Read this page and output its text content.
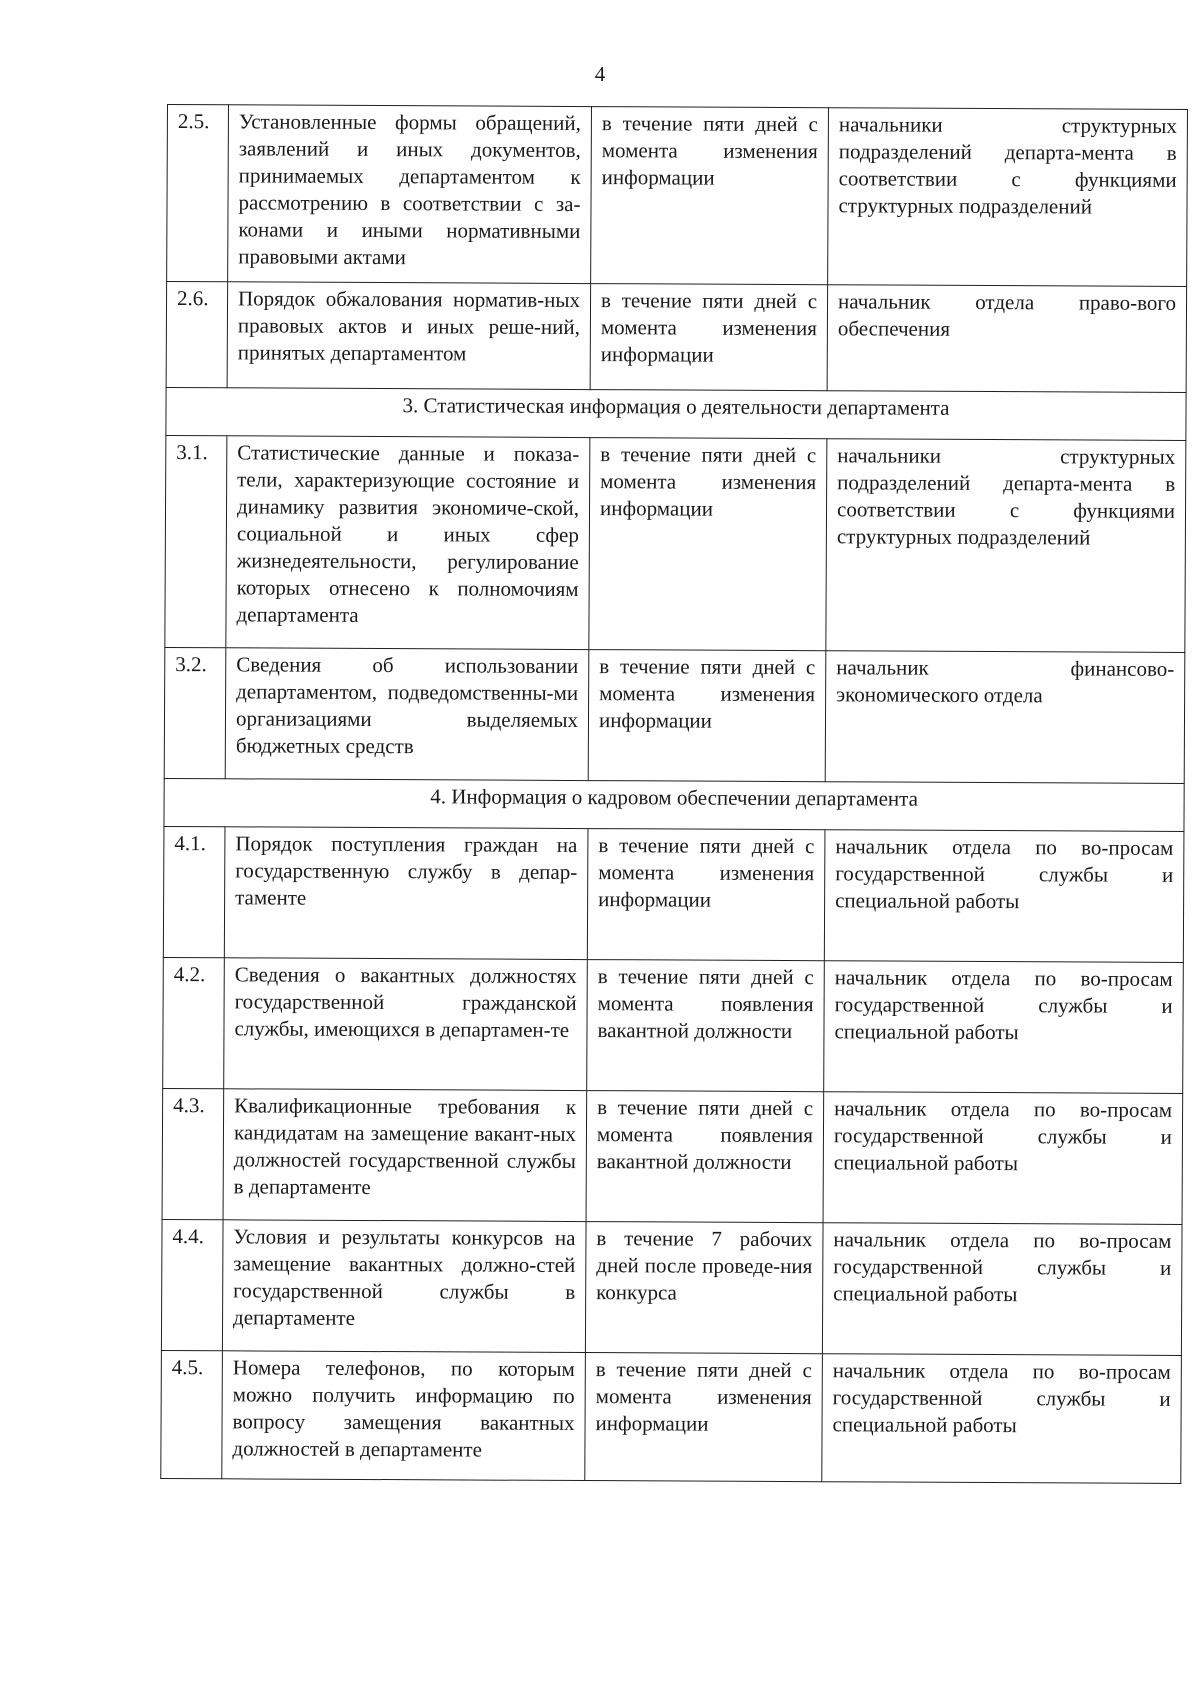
4
2.5.	Установленные формы обращений, заявлений и иных документов, принимаемых департаментом к рассмотрению в соответствии с за-конами и иными нормативными правовыми актами	в течение пяти дней с момента изменения информации	начальники структурных подразделений департа-мента в соответствии с функциями структурных подразделений
2.6.	Порядок обжалования норматив-ных правовых актов и иных реше-ний, принятых департаментом	в течение пяти дней с момента изменения информации	начальник отдела право-вого обеспечения
3. Статистическая информация о деятельности департамента			
3.1.	Статистические данные и показа-тели, характеризующие состояние и динамику развития экономиче-ской, социальной и иных сфер жизнедеятельности, регулирование которых отнесено к полномочиям департамента	в течение пяти дней с момента изменения информации	начальники структурных подразделений департа-мента в соответствии с функциями структурных подразделений
3.2.	Сведения об использовании департаментом, подведомственны-ми организациями выделяемых бюджетных средств	в течение пяти дней с момента изменения информации	начальник финансово-экономического отдела
4. Информация о кадровом обеспечении департамента			
4.1.	Порядок поступления граждан на государственную службу в депар-таменте	в течение пяти дней с момента изменения информации	начальник отдела по во-просам государственной службы и специальной работы
4.2.	Сведения о вакантных должностях государственной гражданской службы, имеющихся в департамен-те	в течение пяти дней с момента появления вакантной должности	начальник отдела по во-просам государственной службы и специальной работы
4.3.	Квалификационные требования к кандидатам на замещение вакант-ных должностей государственной службы в департаменте	в течение пяти дней с момента появления вакантной должности	начальник отдела по во-просам государственной службы и специальной работы
4.4.	Условия и результаты конкурсов на замещение вакантных должно-стей государственной службы в департаменте	в течение 7 рабочих дней после проведе-ния конкурса	начальник отдела по во-просам государственной службы и специальной работы
4.5.	Номера телефонов, по которым можно получить информацию по вопросу замещения вакантных должностей в департаменте	в течение пяти дней с момента изменения информации	начальник отдела по во-просам государственной службы и специальной работы
